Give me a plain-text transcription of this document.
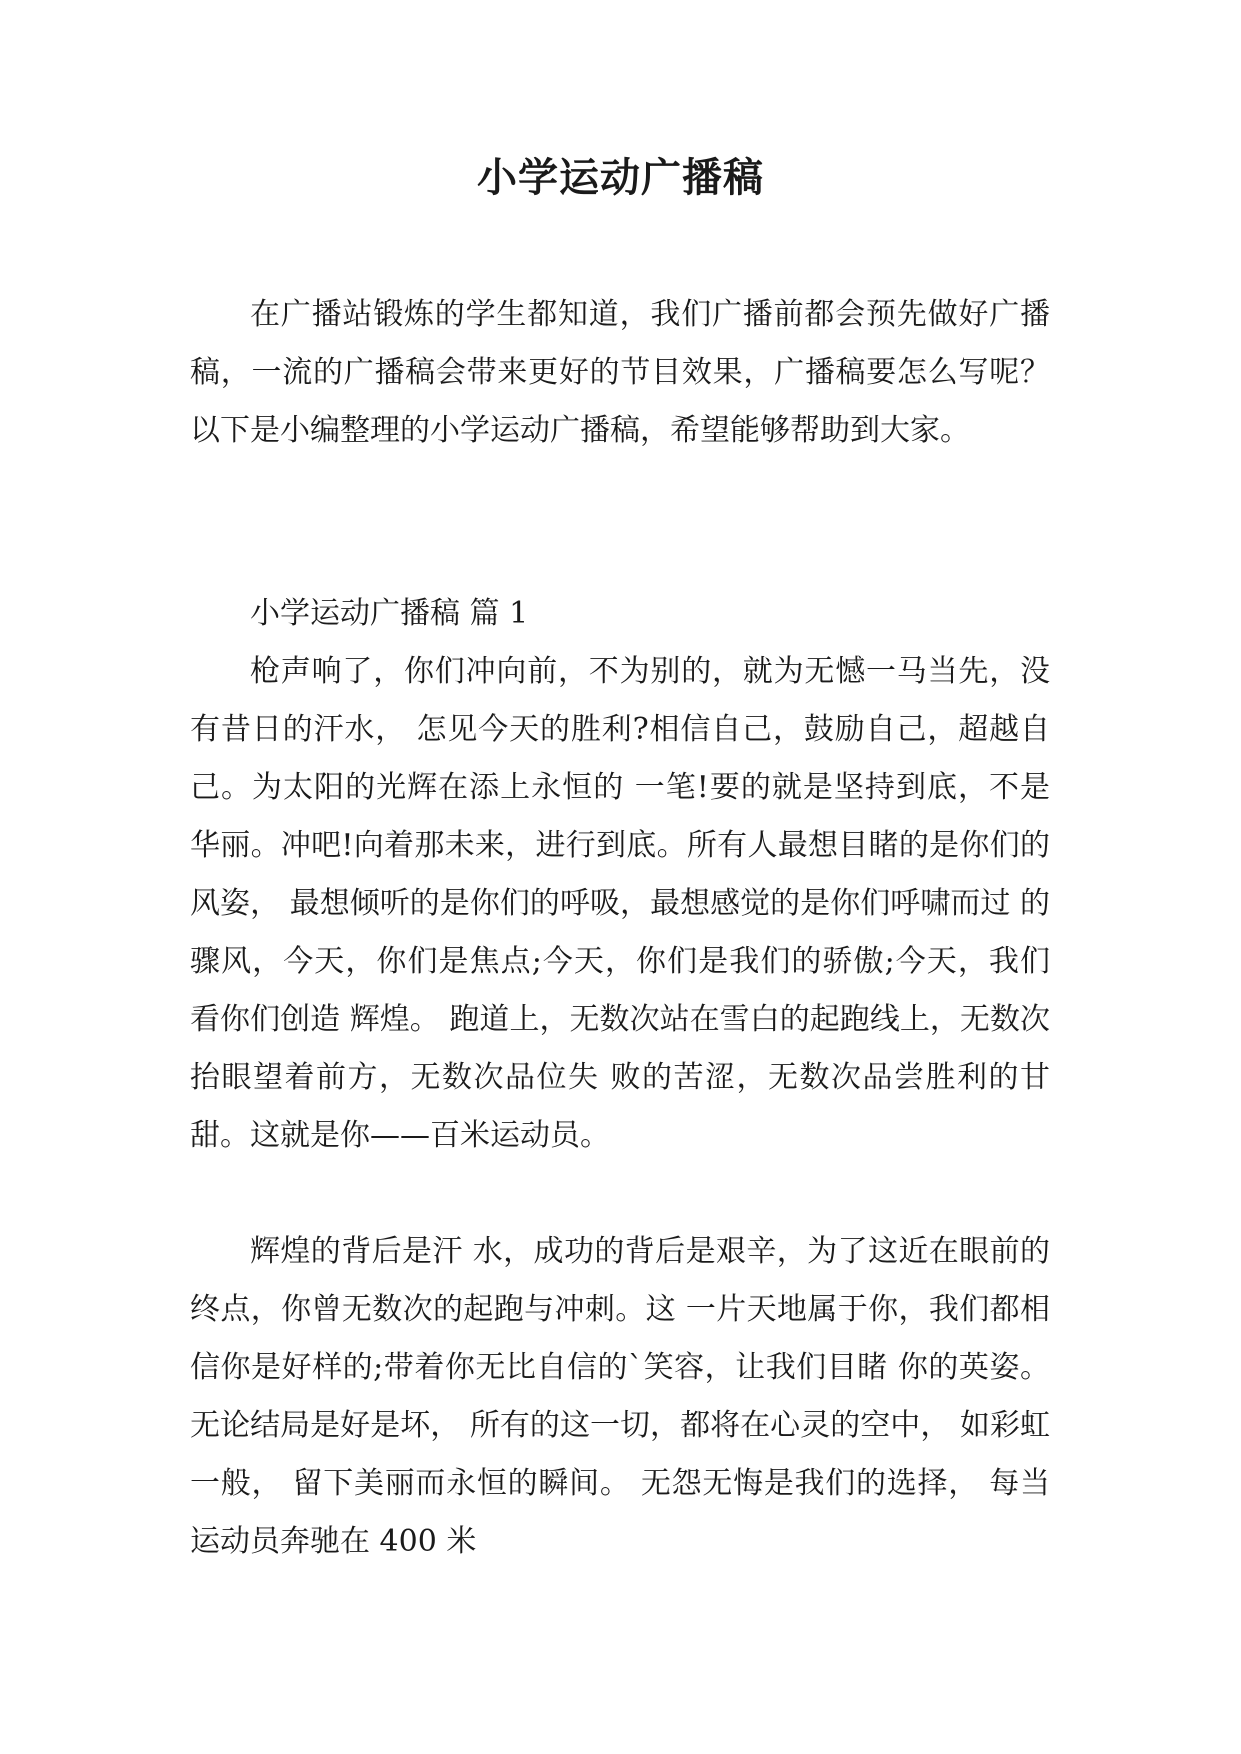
小学运动广播稿

在广播站锻炼的学生都知道，我们广播前都会预先做好广播稿，一流的广播稿会带来更好的节目效果，广播稿要怎么写呢？以下是小编整理的小学运动广播稿，希望能够帮助到大家。

小学运动广播稿 篇 1

枪声响了，你们冲向前，不为别的，就为无憾一马当先，没有昔日的汗水， 怎见今天的胜利?相信自己，鼓励自己，超越自己。为太阳的光辉在添上永恒的 一笔!要的就是坚持到底，不是华丽。冲吧!向着那未来，进行到底。所有人最想目睹的是你们的风姿， 最想倾听的是你们的呼吸，最想感觉的是你们呼啸而过 的骤风，今天，你们是焦点;今天，你们是我们的骄傲;今天，我们看你们创造 辉煌。 跑道上，无数次站在雪白的起跑线上，无数次抬眼望着前方，无数次品位失 败的苦涩，无数次品尝胜利的甘甜。这就是你——百米运动员。

辉煌的背后是汗 水，成功的背后是艰辛，为了这近在眼前的终点，你曾无数次的起跑与冲刺。这 一片天地属于你，我们都相信你是好样的;带着你无比自信的`笑容，让我们目睹 你的英姿。 无论结局是好是坏， 所有的这一切，都将在心灵的空中， 如彩虹一般， 留下美丽而永恒的瞬间。 无怨无悔是我们的选择， 每当运动员奔驰在 400 米
